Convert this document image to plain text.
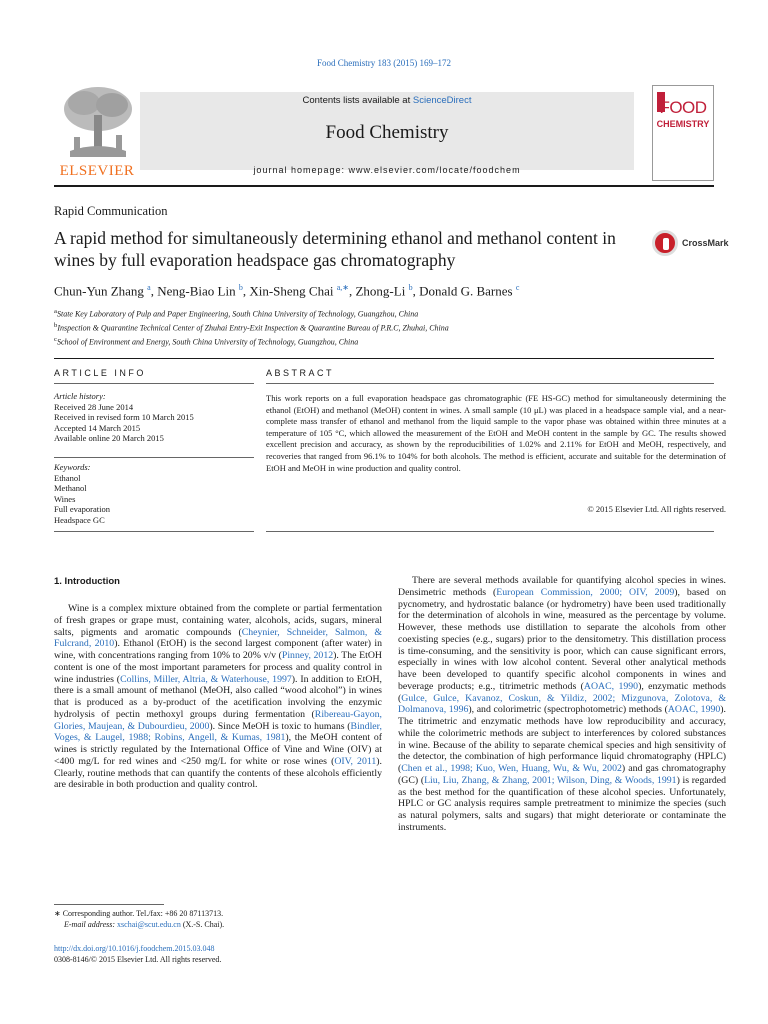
Food Chemistry 183 (2015) 169–172
ELSEVIER
Contents lists available at ScienceDirect
Food Chemistry
journal homepage: www.elsevier.com/locate/foodchem
FOOD
CHEMISTRY
Rapid Communication
A rapid method for simultaneously determining ethanol and methanol content in wines by full evaporation headspace gas chromatography
CrossMark
Chun-Yun Zhang $^a$, Neng-Biao Lin $^b$, Xin-Sheng Chai $^{a,∗}$, Zhong-Li $^b$, Donald G. Barnes $^c$
$^a$State Key Laboratory of Pulp and Paper Engineering, South China University of Technology, Guangzhou, China
$^b$Inspection & Quarantine Technical Center of Zhuhai Entry-Exit Inspection & Quarantine Bureau of P.R.C, Zhuhai, China
$^c$School of Environment and Energy, South China University of Technology, Guangzhou, China
ARTICLE INFO	ABSTRACT
Article history:
Received 28 June 2014
Received in revised form 10 March 2015
Accepted 14 March 2015
Available online 20 March 2015
Keywords:
Ethanol
Methanol
Wines
Full evaporation
Headspace GC
This work reports on a full evaporation headspace gas chromatographic (FE HS-GC) method for simultaneously determining the ethanol (EtOH) and methanol (MeOH) content in wines. A small sample (10 μL) was placed in a headspace sample vial, and a near-complete mass transfer of ethanol and methanol from the liquid sample to the vapor phase was obtained within three minutes at a temperature of 105 °C, which allowed the measurement of the EtOH and MeOH content in the sample by GC. The results showed excellent precision and accuracy, as shown by the reproducibilities of 1.02% and 2.11% for EtOH and MeOH, respectively, and recoveries that ranged from 96.1% to 104% for both alcohols. The method is efficient, accurate and suitable for the determination of EtOH and MeOH in wine production and quality control.
© 2015 Elsevier Ltd. All rights reserved.
1. Introduction

Wine is a complex mixture obtained from the complete or partial fermentation of fresh grapes or grape must, containing water, alcohols, acids, sugars, mineral salts, pigments and aromatic compounds (Cheynier, Schneider, Salmon, & Fulcrand, 2010). Ethanol (EtOH) is the second largest component (after water) in wine, with concentrations ranging from 10% to 20% v/v (Pinney, 2012). The EtOH content is one of the most important parameters for process and quality control in wine industries (Collins, Miller, Altria, & Waterhouse, 1997). In addition to EtOH, there is a small amount of methanol (MeOH, also called “wood alcohol”) in wines that is produced as a by-product of the acetification involving the enzymic hydrolysis of pectin methoxyl groups during fermentation (Ribereau-Gayon, Glories, Maujean, & Dubourdieu, 2000). Since MeOH is toxic to humans (Bindler, Voges, & Laugel, 1988; Robins, Angell, & Kumas, 1981), the MeOH content of wines is strictly regulated by the International Office of Vine and Wine (OIV) at <400 mg/L for red wines and <250 mg/L for white or rose wines (OIV, 2011). Clearly, routine methods that can quantify the contents of these alcohols efficiently are desirable in both production and quality control.

There are several methods available for quantifying alcohol species in wines. Densimetric methods (European Commission, 2000; OIV, 2009), based on pycnometry, and hydrostatic balance (or hydrometry) have been used traditionally for the determination of alcohols in wine, measured as the percentage by volume. However, these methods use distillation to separate the alcohols from other coexisting species (e.g., sugars) prior to the densitometry. This distillation process is time-consuming, and the sensitivity is poor, which can cause significant errors, especially in wines with low alcohol content. Several other analytical methods have been developed to quantify specific alcohol components in wines and beverage products; e.g., titrimetric methods (AOAC, 1990), enzymatic methods (Gulce, Gulce, Kavanoz, Coskun, & Yildiz, 2002; Mizgunova, Zolotova, & Dolmanova, 1996), and colorimetric (spectrophotometric) methods (AOAC, 1990). The titrimetric and enzymatic methods have low reproducibility and accuracy, while the colorimetric methods are subject to interferences by colored substances in wine. Because of the ability to separate chemical species and high sensitivity of the detector, the combination of high performance liquid chromatography (HPLC) (Chen et al., 1998; Kuo, Wen, Huang, Wu, & Wu, 2002) and gas chromatography (GC) (Liu, Liu, Zhang, & Zhang, 2001; Wilson, Ding, & Woods, 1991) is regarded as the best method for the quantification of these alcohol species. Unfortunately, HPLC or GC analysis requires sample pretreatment to minimize the species (such as natural polymers, salts and sugars) that might deteriorate or contaminate the instruments.

∗ Corresponding author. Tel./fax: +86 20 87113713.
E-mail address: xschai@scut.edu.cn (X.-S. Chai).
http://dx.doi.org/10.1016/j.foodchem.2015.03.048
0308-8146/© 2015 Elsevier Ltd. All rights reserved.
